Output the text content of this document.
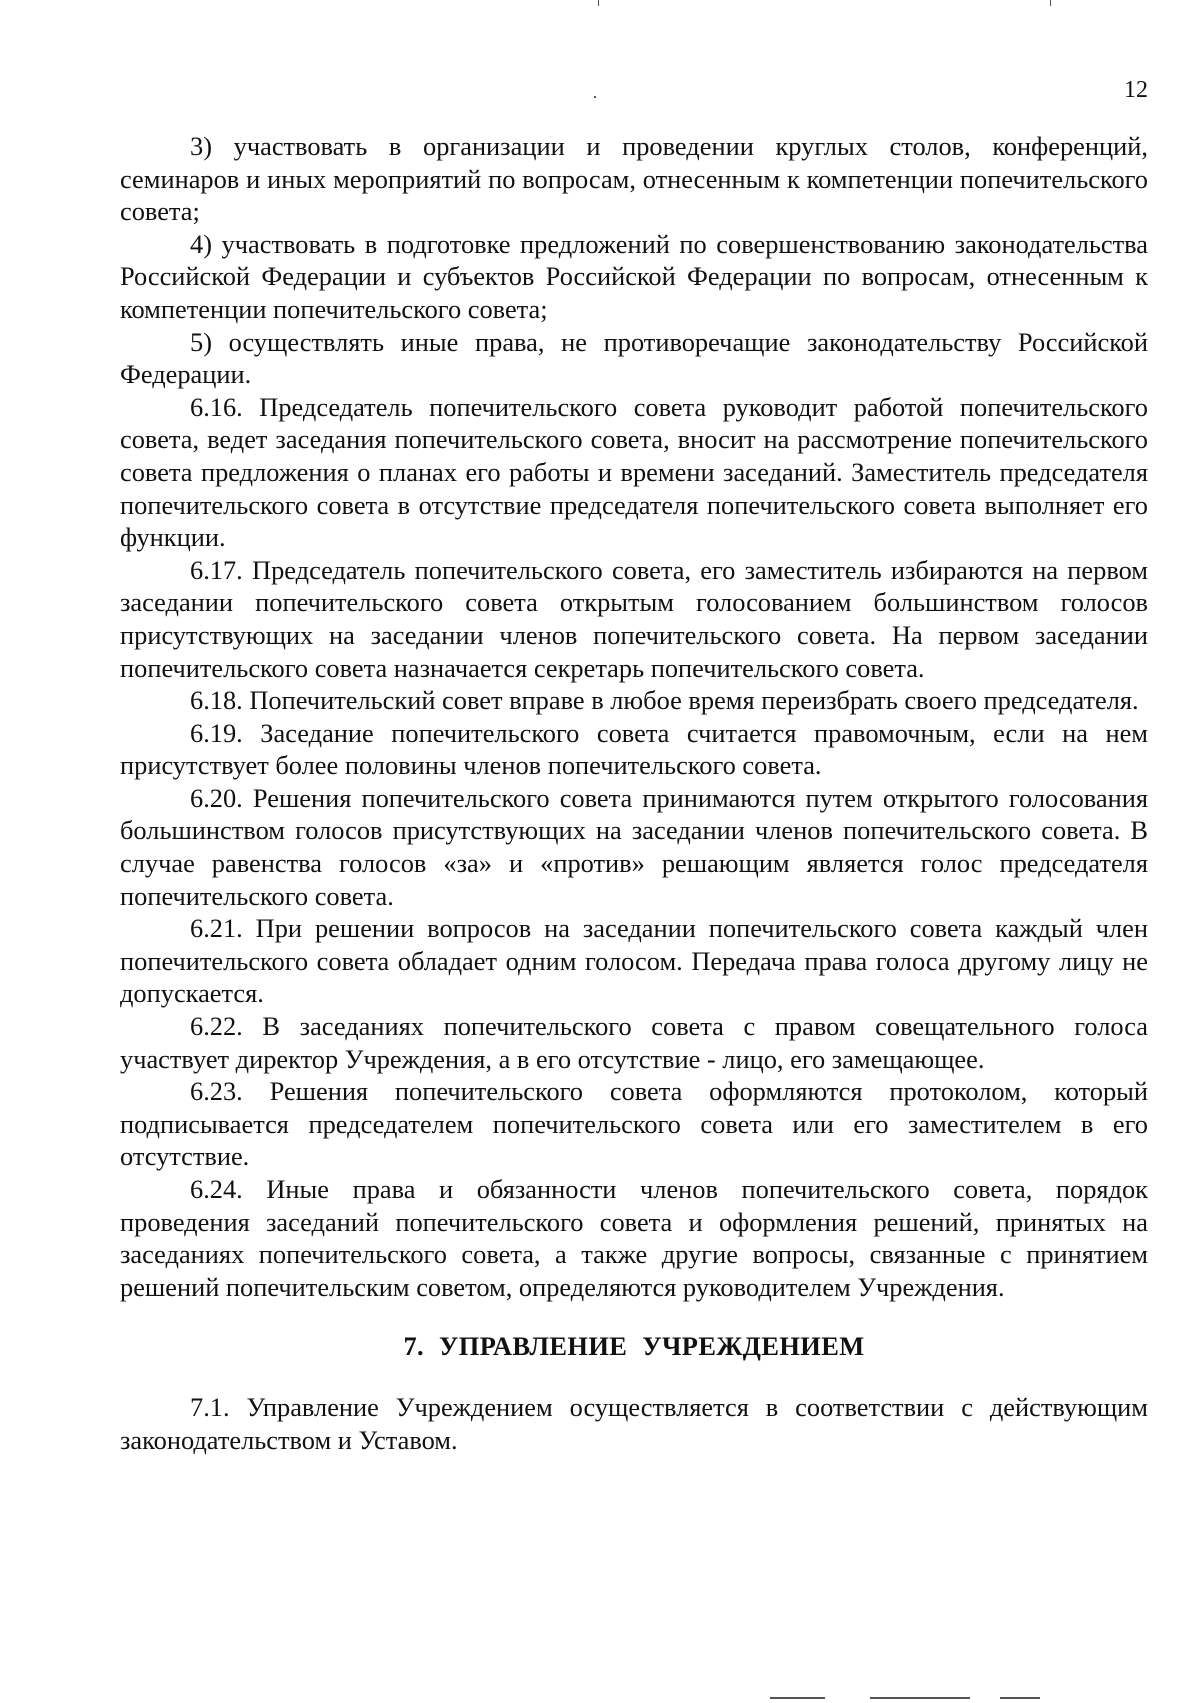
12

3) участвовать в организации и проведении круглых столов, конференций, семинаров и иных мероприятий по вопросам, отнесенным к компетенции попечительского совета;

4) участвовать в подготовке предложений по совершенствованию законодательства Российской Федерации и субъектов Российской Федерации по вопросам, отнесенным к компетенции попечительского совета;

5) осуществлять иные права, не противоречащие законодательству Российской Федерации.

6.16. Председатель попечительского совета руководит работой попечительского совета, ведет заседания попечительского совета, вносит на рассмотрение попечительского совета предложения о планах его работы и времени заседаний. Заместитель председателя попечительского совета в отсутствие председателя попечительского совета выполняет его функции.

6.17. Председатель попечительского совета, его заместитель избираются на первом заседании попечительского совета открытым голосованием большинством голосов присутствующих на заседании членов попечительского совета. На первом заседании попечительского совета назначается секретарь попечительского совета.

6.18. Попечительский совет вправе в любое время переизбрать своего председателя.

6.19. Заседание попечительского совета считается правомочным, если на нем присутствует более половины членов попечительского совета.

6.20. Решения попечительского совета принимаются путем открытого голосования большинством голосов присутствующих на заседании членов попечительского совета. В случае равенства голосов «за» и «против» решающим является голос председателя попечительского совета.

6.21. При решении вопросов на заседании попечительского совета каждый член попечительского совета обладает одним голосом. Передача права голоса другому лицу не допускается.

6.22. В заседаниях попечительского совета с правом совещательного голоса участвует директор Учреждения, а в его отсутствие - лицо, его замещающее.

6.23. Решения попечительского совета оформляются протоколом, который подписывается председателем попечительского совета или его заместителем в его отсутствие.

6.24. Иные права и обязанности членов попечительского совета, порядок проведения заседаний попечительского совета и оформления решений, принятых на заседаниях попечительского совета, а также другие вопросы, связанные с принятием решений попечительским советом, определяются руководителем Учреждения.

7. УПРАВЛЕНИЕ УЧРЕЖДЕНИЕМ

7.1. Управление Учреждением осуществляется в соответствии с действующим законодательством и Уставом.
